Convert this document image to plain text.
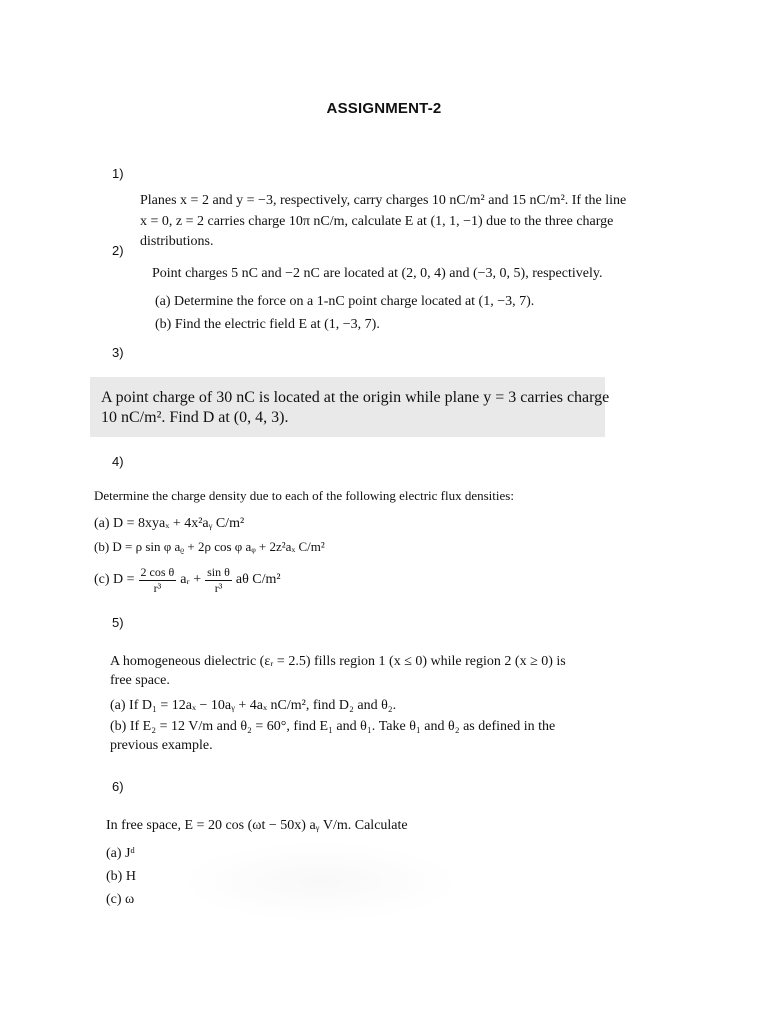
ASSIGNMENT-2
1)
Planes x = 2 and y = −3, respectively, carry charges 10 nC/m² and 15 nC/m². If the line
x = 0, z = 2 carries charge 10π nC/m, calculate E at (1, 1, −1) due to the three charge
distributions.
2)
Point charges 5 nC and −2 nC are located at (2, 0, 4) and (−3, 0, 5), respectively.
(a) Determine the force on a 1-nC point charge located at (1, −3, 7).
(b) Find the electric field E at (1, −3, 7).
3)
A point charge of 30 nC is located at the origin while plane y = 3 carries charge
10 nC/m². Find D at (0, 4, 3).
4)
Determine the charge density due to each of the following electric flux densities:
(a) D = 8xyaₓ + 4x²aᵧ C/m²
(b) D = ρ sin φ aᵨ + 2ρ cos φ aᵩ + 2z²aₓ C/m²
(c) $D = \frac{\text{2 cos θ}}{\text{r³}}$ aᵣ + $\frac{\text{sin θ}}{\text{r³}}$ aθ C/m²
5)
A homogeneous dielectric (εᵣ = 2.5) fills region 1 (x ≤ 0) while region 2 (x ≥ 0) is
free space.
(a) If D₁ = 12aₓ − 10aᵧ + 4aₓ nC/m², find D₂ and θ₂.
(b) If E₂ = 12 V/m and θ₂ = 60°, find E₁ and θ₁. Take θ₁ and θ₂ as defined in the
previous example.
6)
In free space, E = 20 cos (ωt − 50x) aᵧ V/m. Calculate
(a) Jᵈ
(b) H
(c) ω
